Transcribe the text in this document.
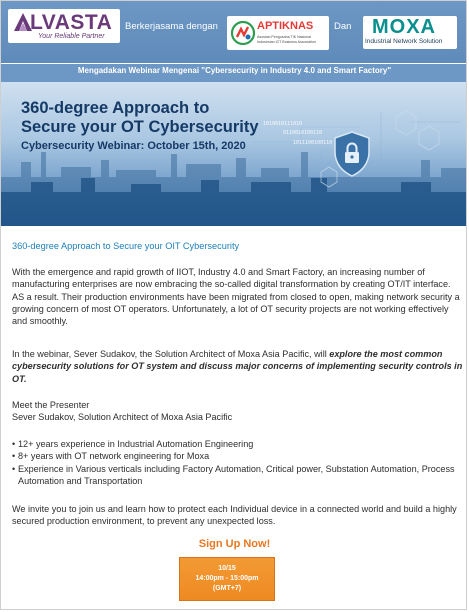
LVASTA
Your Reliable Partner
Berkerjasama dengan	APTIKNAS
Asosiasi Pengusaha TIK Nasional
Indonesian ICT Business Association
Dan MOXA
Industrial Network Solution
Mengadakan Webinar Mengenai "Cybersecurity in Industry 4.0 and Smart Factory"
1010010111010
0110010100110
1011100100110
360-degree Approach to
Secure your OT Cybersecurity
Cybersecurity Webinar: October 15th, 2020
360-degree Approach to Secure your OIT Cybersecurity
With the emergence and rapid growth of IIOT, Industry 4.0 and Smart Factory, an increasing number of manufacturing enterprises are now embracing the so-called digital transformation by creating OT/IT interface. AS a result. Their production environments have been migrated from closed to open, making network security a growing concern of most OT operators. Unfortunately, a lot of OT security projects are not working effectively and smoothly.
In the webinar, Sever Sudakov, the Solution Architect of Moxa Asia Pacific, will explore the most common cybersecurity solutions for OT system and discuss major concerns of implementing security controls in OT.
Meet the Presenter
Sever Sudakov, Solution Architect of Moxa Asia Pacific
• 12+ years experience in Industrial Automation Engineering
• 8+ years with OT network engineering for Moxa
• Experience in Various verticals including Factory Automation, Critical power, Substation Automation, Process Automation and Transportation
We invite you to join us and learn how to protect each Individual device in a connected world and build a highly secured production environment, to prevent any unexpected loss.
Sign Up Now!
10/15
14:00pm - 15:00pm
(GMT+7)
